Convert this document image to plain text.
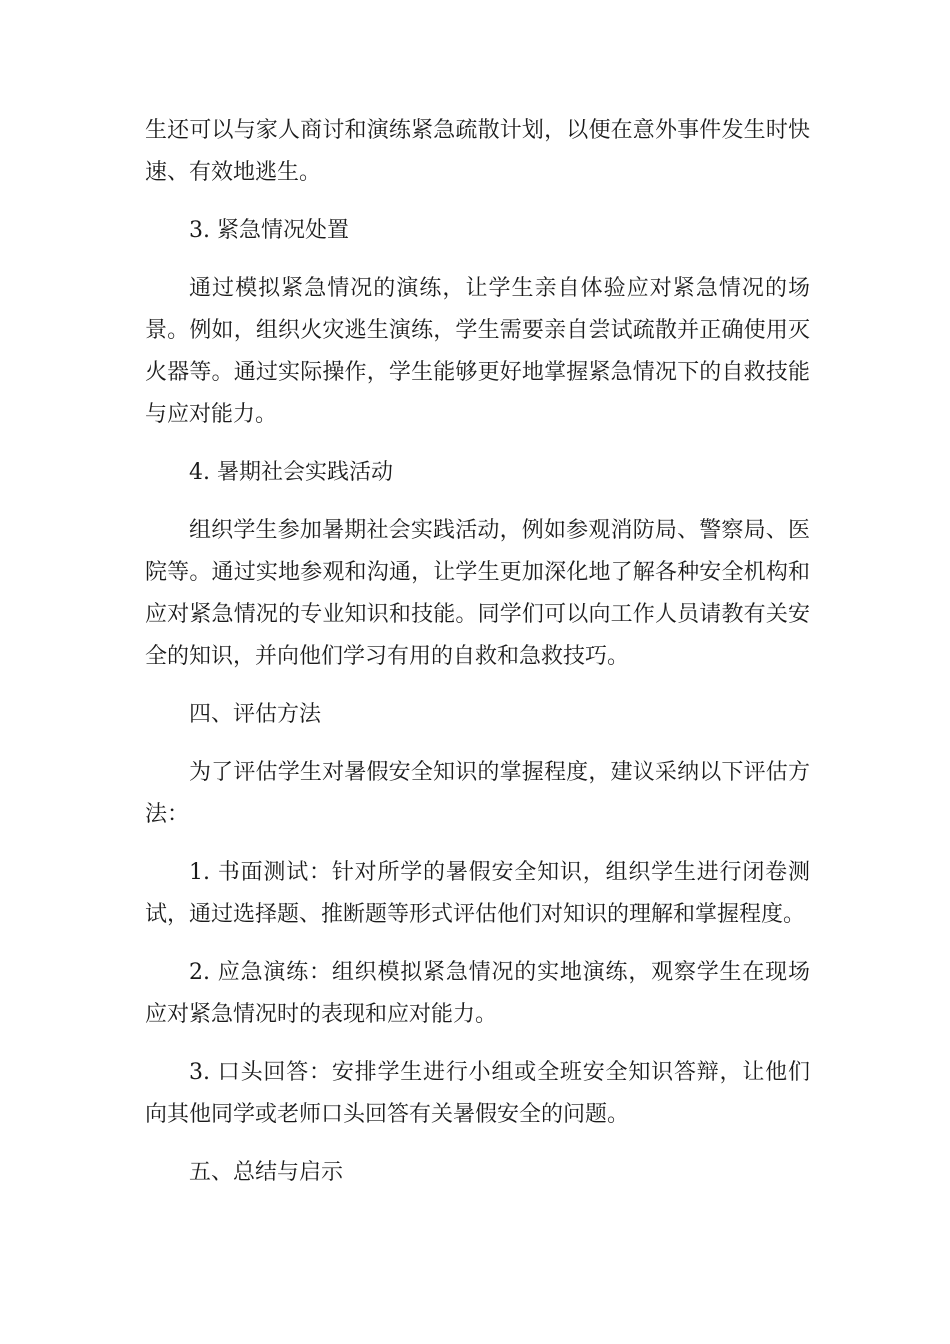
生还可以与家人商讨和演练紧急疏散计划，以便在意外事件发生时快速、有效地逃生。

3. 紧急情况处置

通过模拟紧急情况的演练，让学生亲自体验应对紧急情况的场景。例如，组织火灾逃生演练，学生需要亲自尝试疏散并正确使用灭火器等。通过实际操作，学生能够更好地掌握紧急情况下的自救技能与应对能力。

4. 暑期社会实践活动

组织学生参加暑期社会实践活动，例如参观消防局、警察局、医院等。通过实地参观和沟通，让学生更加深化地了解各种安全机构和应对紧急情况的专业知识和技能。同学们可以向工作人员请教有关安全的知识，并向他们学习有用的自救和急救技巧。

四、评估方法

为了评估学生对暑假安全知识的掌握程度，建议采纳以下评估方法：

1. 书面测试：针对所学的暑假安全知识，组织学生进行闭卷测试，通过选择题、推断题等形式评估他们对知识的理解和掌握程度。

2. 应急演练：组织模拟紧急情况的实地演练，观察学生在现场应对紧急情况时的表现和应对能力。

3. 口头回答：安排学生进行小组或全班安全知识答辩，让他们向其他同学或老师口头回答有关暑假安全的问题。

五、总结与启示
